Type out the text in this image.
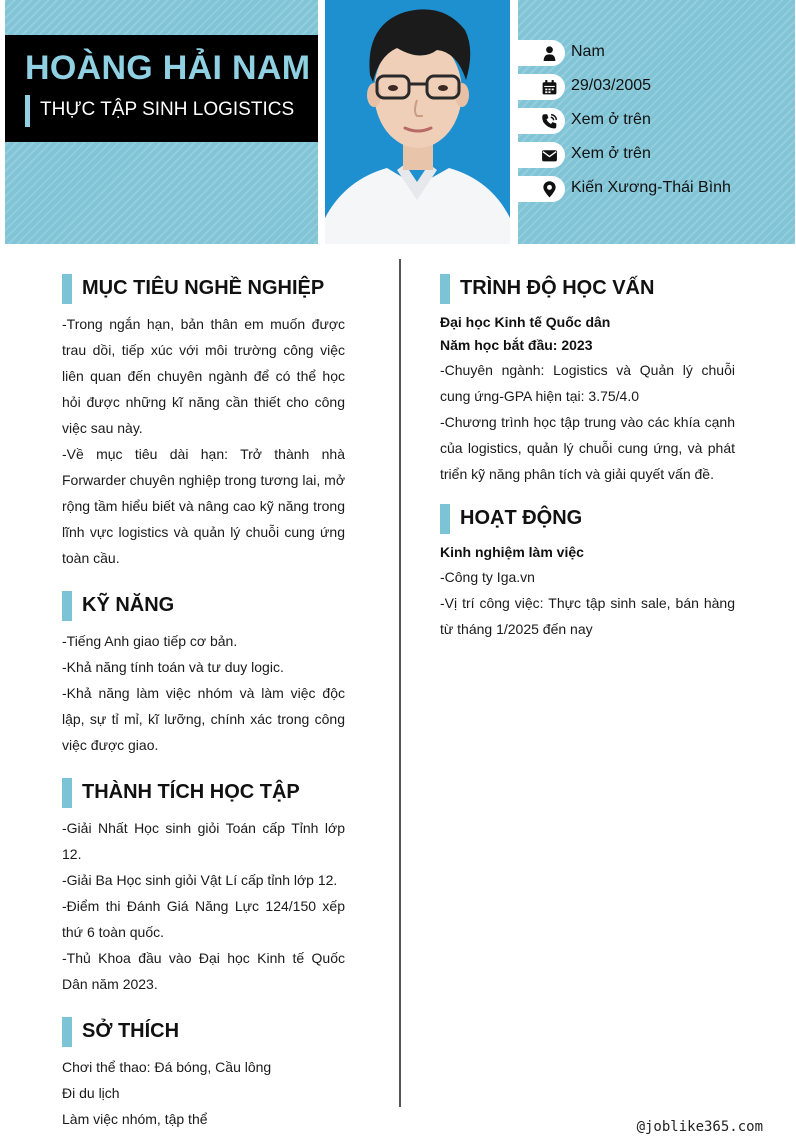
HOÀNG HẢI NAM
THỰC TẬP SINH LOGISTICS
Nam
29/03/2005
Xem ở trên
Xem ở trên
Kiến Xương-Thái Bình
MỤC TIÊU NGHỀ NGHIỆP

-Trong ngắn hạn, bản thân em muốn được trau dồi, tiếp xúc với môi trường công việc liên quan đến chuyên ngành để có thể học hỏi được những kĩ năng cần thiết cho công việc sau này.

-Về mục tiêu dài hạn: Trở thành nhà Forwarder chuyên nghiệp trong tương lai, mở rộng tầm hiểu biết và nâng cao kỹ năng trong lĩnh vực logistics và quản lý chuỗi cung ứng toàn cầu.

KỸ NĂNG

-Tiếng Anh giao tiếp cơ bản.

-Khả năng tính toán và tư duy logic.

-Khả năng làm việc nhóm và làm việc độc lập, sự tỉ mỉ, kĩ lưỡng, chính xác trong công việc được giao.

THÀNH TÍCH HỌC TẬP

-Giải Nhất Học sinh giỏi Toán cấp Tỉnh lớp 12.

-Giải Ba Học sinh giỏi Vật Lí cấp tỉnh lớp 12.

-Điểm thi Đánh Giá Năng Lực 124/150 xếp thứ 6 toàn quốc.

-Thủ Khoa đầu vào Đại học Kinh tế Quốc Dân năm 2023.

SỞ THÍCH

Chơi thể thao: Đá bóng, Cầu lông

Đi du lịch

Làm việc nhóm, tập thể

TRÌNH ĐỘ HỌC VẤN

Đại học Kinh tế Quốc dân

Năm học bắt đầu: 2023

-Chuyên ngành: Logistics và Quản lý chuỗi cung ứng-GPA hiện tại: 3.75/4.0

-Chương trình học tập trung vào các khía cạnh của logistics, quản lý chuỗi cung ứng, và phát triển kỹ năng phân tích và giải quyết vấn đề.

HOẠT ĐỘNG

Kinh nghiệm làm việc

-Công ty Iga.vn

-Vị trí công việc: Thực tập sinh sale, bán hàng từ tháng 1/2025 đến nay

@joblike365.com
